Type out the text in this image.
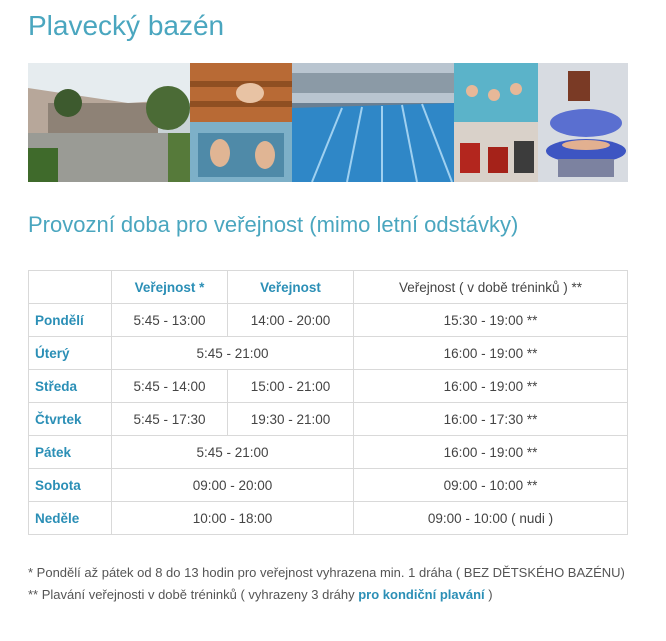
Plavecký bazén
Provozní doba pro veřejnost (mimo letní odstávky)
	Veřejnost *	Veřejnost	Veřejnost ( v době tréninků ) **
Pondělí	5:45 - 13:00	14:00 - 20:00	15:30 - 19:00 **
Úterý	5:45 - 21:00		16:00 - 19:00 **
Středa	5:45 - 14:00	15:00 - 21:00	16:00 - 19:00 **
Čtvrtek	5:45 - 17:30	19:30 - 21:00	16:00 - 17:30 **
Pátek	5:45 - 21:00		16:00 - 19:00 **
Sobota	09:00 - 20:00		09:00 - 10:00 **
Neděle	10:00 - 18:00		09:00 - 10:00 ( nudi )

* Pondělí až pátek od 8 do 13 hodin pro veřejnost vyhrazena min. 1 dráha ( BEZ DĚTSKÉHO BAZÉNU)

** Plavání veřejnosti v době tréninků ( vyhrazeny 3 dráhy pro kondiční plavání )
